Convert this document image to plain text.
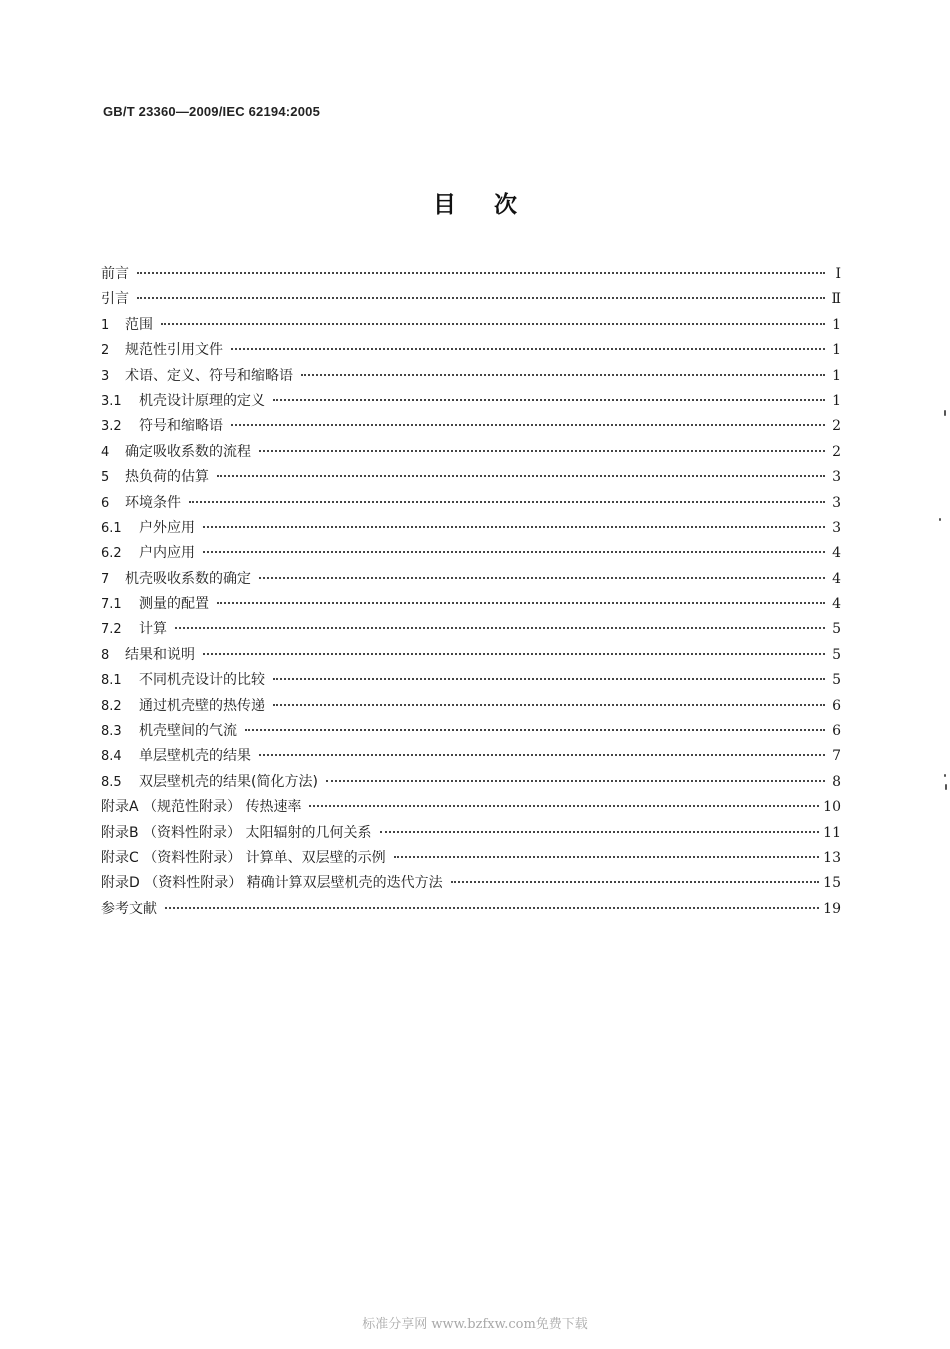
GB/T 23360—2009/IEC 62194:2005
目次
前言	Ⅰ
引言	Ⅱ
1	范围	1
2	规范性引用文件	1
3	术语、定义、符号和缩略语	1
3.1	机壳设计原理的定义	1
3.2	符号和缩略语	2
4	确定吸收系数的流程	2
5	热负荷的估算	3
6	环境条件	3
6.1	户外应用	3
6.2	户内应用	4
7	机壳吸收系数的确定	4
7.1	测量的配置	4
7.2	计算	5
8	结果和说明	5
8.1	不同机壳设计的比较	5
8.2	通过机壳壁的热传递	6
8.3	机壳壁间的气流	6
8.4	单层壁机壳的结果	7
8.5	双层壁机壳的结果(简化方法)	8
附录A （规范性附录） 传热速率	10
附录B （资料性附录） 太阳辐射的几何关系	11
附录C （资料性附录） 计算单、双层壁的示例	13
附录D （资料性附录） 精确计算双层壁机壳的迭代方法	15
参考文献	19
标准分享网 www.bzfxw.com免费下载
